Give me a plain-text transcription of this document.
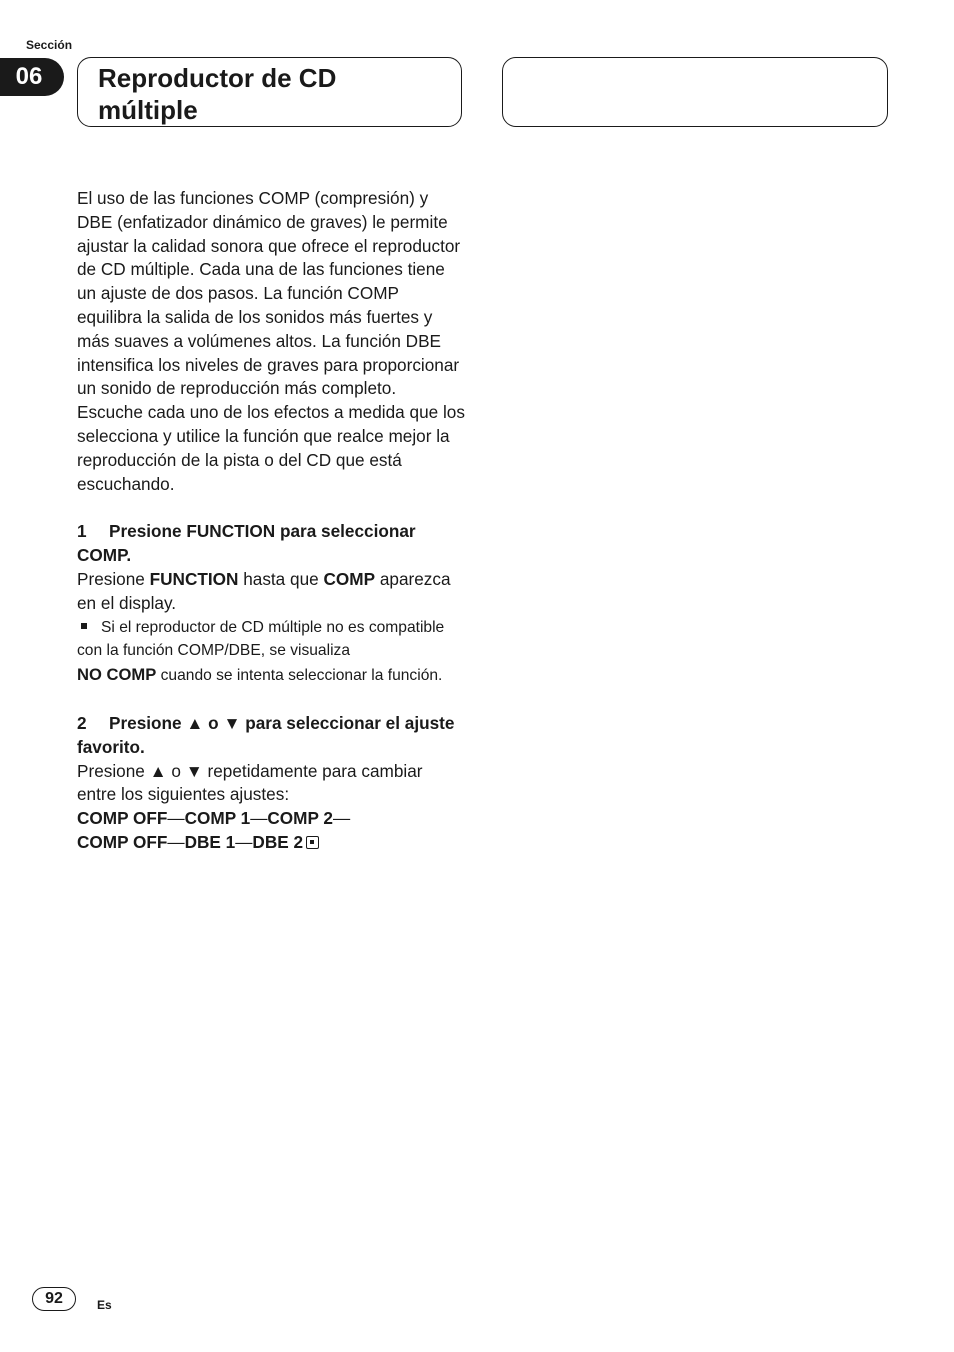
Sección
06	Reproductor de CD múltiple

El uso de las funciones COMP (compresión) y DBE (enfatizador dinámico de graves) le permite ajustar la calidad sonora que ofrece el reproductor de CD múltiple. Cada una de las funciones tiene un ajuste de dos pasos. La función COMP equilibra la salida de los sonidos más fuertes y más suaves a volúmenes altos. La función DBE intensifica los niveles de graves para proporcionar un sonido de reproducción más completo. Escuche cada uno de los efectos a medida que los selecciona y utilice la función que realce mejor la reproducción de la pista o del CD que está escuchando.

1 Presione FUNCTION para seleccionar COMP.

Presione FUNCTION hasta que COMP aparezca en el display.

Si el reproductor de CD múltiple no es compatible con la función COMP/DBE, se visualiza
NO COMP cuando se intenta seleccionar la función.

2 Presione ▲ o ▼ para seleccionar el ajuste favorito.

Presione ▲ o ▼ repetidamente para cambiar entre los siguientes ajustes:

COMP OFF—COMP 1—COMP 2—

COMP OFF—DBE 1—DBE 2

92	Es
